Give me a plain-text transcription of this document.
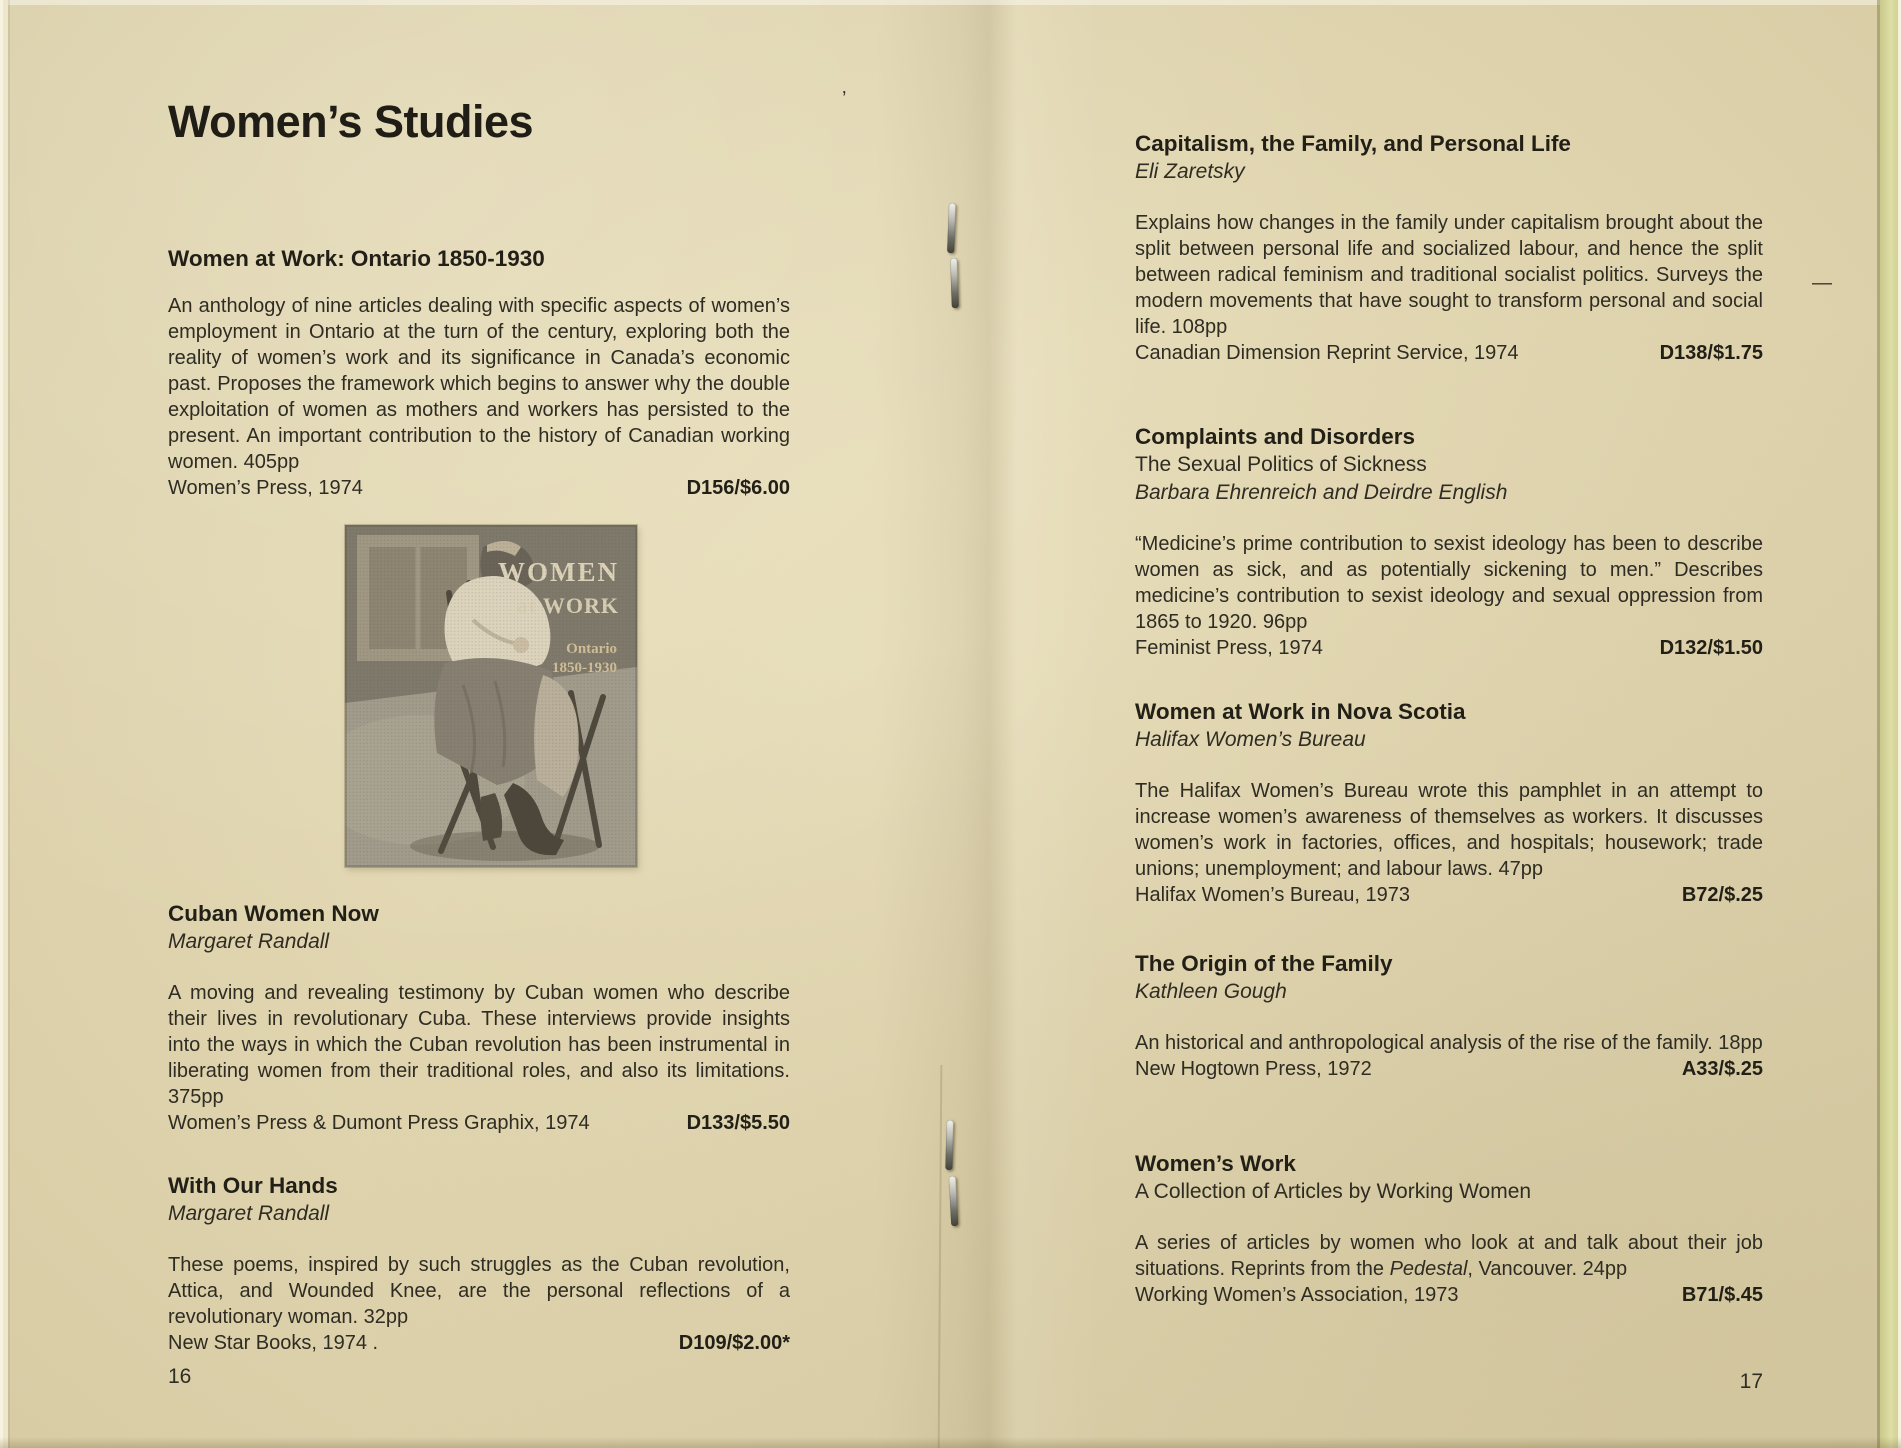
’
—
Women’s Studies
Women at Work: Ontario 1850-1930

An anthology of nine articles dealing with specific aspects of women’s employment in Ontario at the turn of the century, exploring both the reality of women’s work and its significance in Canada’s economic past. Proposes the framework which begins to answer why the double exploitation of women as mothers and workers has persisted to the present. An important contribution to the history of Canadian working women. 405pp

Women’s Press, 1974	D156/$6.00
WOMEN
at WORK
Ontario
1850-1930
Cuban Women Now

Margaret Randall

A moving and revealing testimony by Cuban women who describe their lives in revolutionary Cuba. These interviews provide insights into the ways in which the Cuban revolution has been instrumental in liberating women from their traditional roles, and also its limitations. 375pp

Women’s Press & Dumont Press Graphix, 1974	D133/$5.50
With Our Hands

Margaret Randall

These poems, inspired by such struggles as the Cuban revolution, Attica, and Wounded Knee, are the personal reflections of a revolutionary woman. 32pp

New Star Books, 1974 .	D109/$2.00*
16
Capitalism, the Family, and Personal Life

Eli Zaretsky

Explains how changes in the family under capitalism brought about the split between personal life and socialized labour, and hence the split between radical feminism and traditional socialist politics. Surveys the modern movements that have sought to transform personal and social life. 108pp

Canadian Dimension Reprint Service, 1974	D138/$1.75
Complaints and Disorders

The Sexual Politics of Sickness

Barbara Ehrenreich and Deirdre English

“Medicine’s prime contribution to sexist ideology has been to describe women as sick, and as potentially sickening to men.” Describes medicine’s contribution to sexist ideology and sexual oppression from 1865 to 1920. 96pp

Feminist Press, 1974	D132/$1.50
Women at Work in Nova Scotia

Halifax Women’s Bureau

The Halifax Women’s Bureau wrote this pamphlet in an attempt to increase women’s awareness of themselves as workers. It discusses women’s work in factories, offices, and hospitals; housework; trade unions; unemployment; and labour laws. 47pp

Halifax Women’s Bureau, 1973	B72/$.25
The Origin of the Family

Kathleen Gough

An historical and anthropological analysis of the rise of the family. 18pp

New Hogtown Press, 1972	A33/$.25
Women’s Work

A Collection of Articles by Working Women

A series of articles by women who look at and talk about their job situations. Reprints from the Pedestal, Vancouver. 24pp

Working Women’s Association, 1973	B71/$.45
17
